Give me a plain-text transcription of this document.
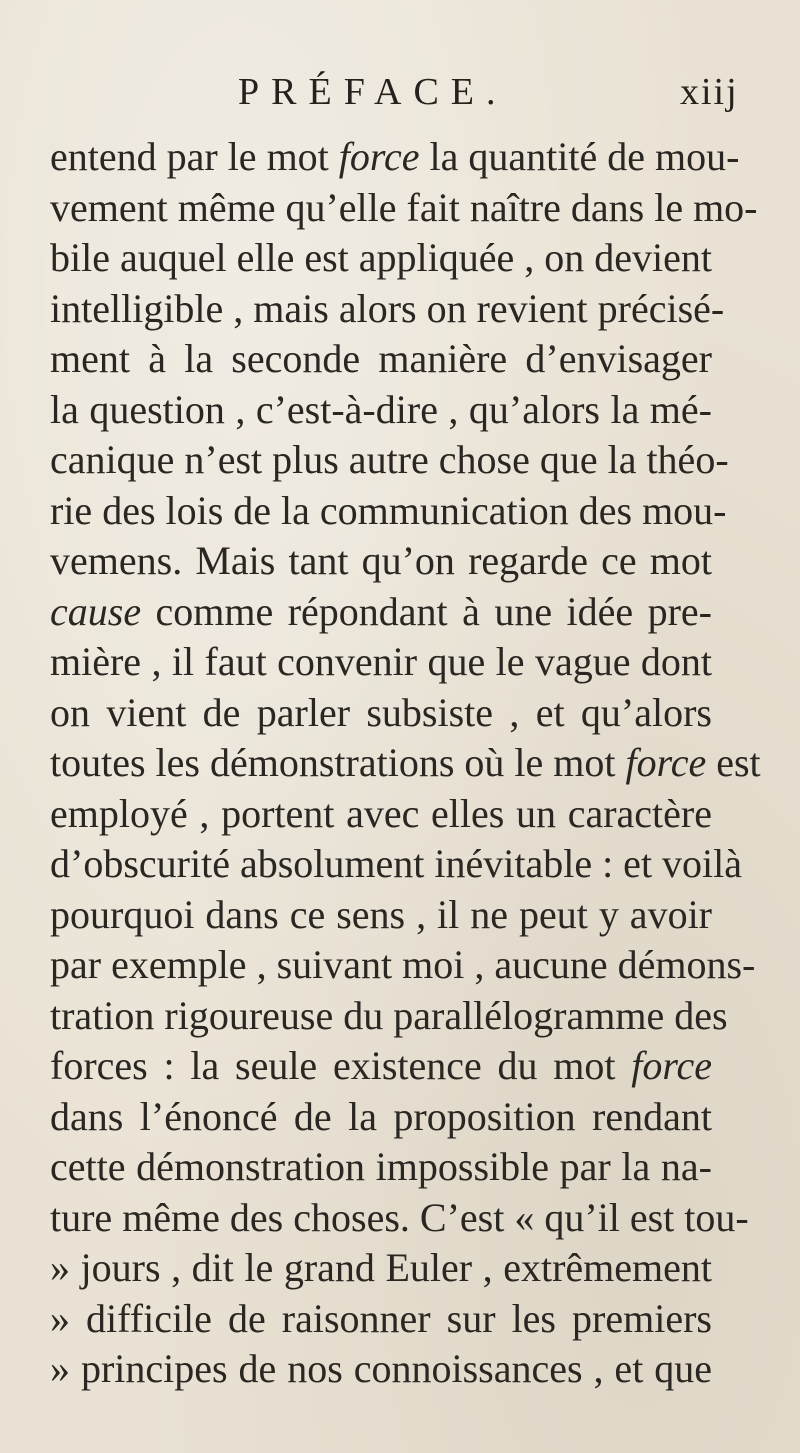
PRÉFACE.	xiij
entend par le mot force la quantité de mou-
vement même qu’elle fait naître dans le mo-
bile auquel elle est appliquée , on devient
intelligible , mais alors on revient précisé-
ment à la seconde manière d’envisager
la question , c’est-à-dire , qu’alors la mé-
canique n’est plus autre chose que la théo-
rie des lois de la communication des mou-
vemens. Mais tant qu’on regarde ce mot
cause comme répondant à une idée pre-
mière , il faut convenir que le vague dont
on vient de parler subsiste , et qu’alors
toutes les démonstrations où le mot force est
employé , portent avec elles un caractère
d’obscurité absolument inévitable : et voilà
pourquoi dans ce sens , il ne peut y avoir
par exemple , suivant moi , aucune démons-
tration rigoureuse du parallélogramme des
forces : la seule existence du mot force
dans l’énoncé de la proposition rendant
cette démonstration impossible par la na-
ture même des choses. C’est « qu’il est tou-
» jours , dit le grand Euler , extrêmement
» difficile de raisonner sur les premiers
» principes de nos connoissances , et que
